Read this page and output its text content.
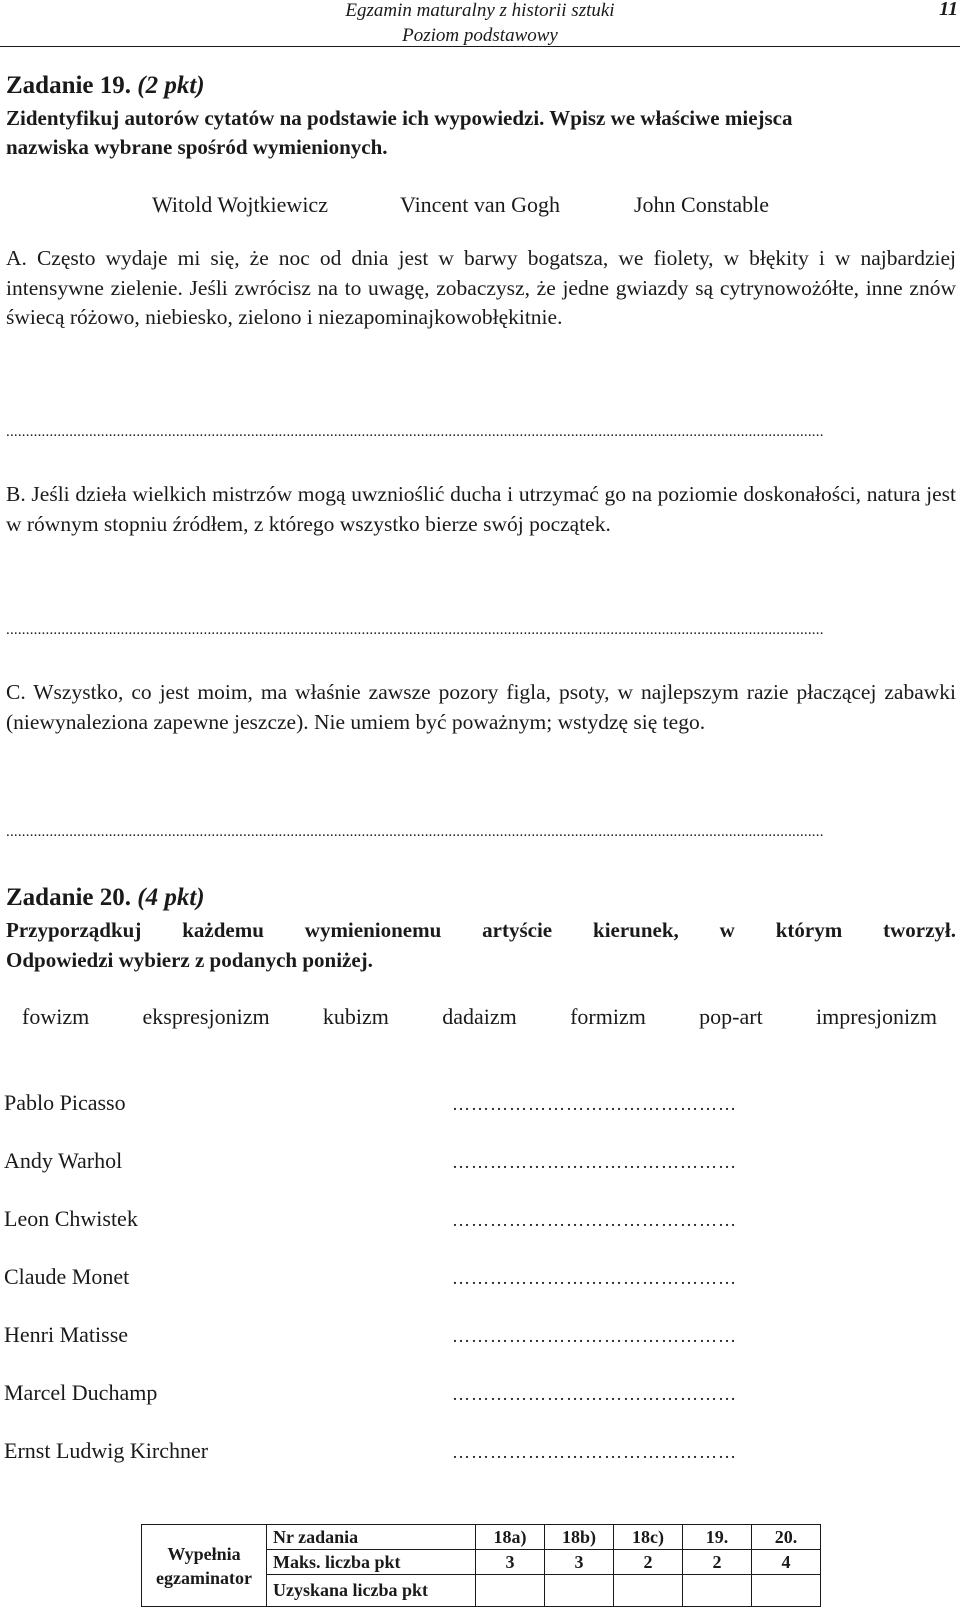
Egzamin maturalny z historii sztuki
Poziom podstawowy
11
Zadanie 19. (2 pkt)
Zidentyfikuj autorów cytatów na podstawie ich wypowiedzi. Wpisz we właściwe miejsca
nazwiska wybrane spośród wymienionych.
Witold Wojtkiewicz	Vincent van Gogh	John Constable
A. Często wydaje mi się, że noc od dnia jest w barwy bogatsza, we fiolety, w błękity i w najbardziej intensywne zielenie. Jeśli zwrócisz na to uwagę, zobaczysz, że jedne gwiazdy są cytrynowożółte, inne znów świecą różowo, niebiesko, zielono i niezapominajkowobłękitnie.
...............................................................................................................................................................................................................
B. Jeśli dzieła wielkich mistrzów mogą uwznioślić ducha i utrzymać go na poziomie doskonałości, natura jest w równym stopniu źródłem, z którego wszystko bierze swój początek.
...............................................................................................................................................................................................................
C. Wszystko, co jest moim, ma właśnie zawsze pozory figla, psoty, w najlepszym razie płaczącej zabawki (niewynaleziona zapewne jeszcze). Nie umiem być poważnym; wstydzę się tego.
...............................................................................................................................................................................................................
Zadanie 20. (4 pkt)
Przyporządkuj każdemu wymienionemu artyście kierunek, w którym tworzył.
Odpowiedzi wybierz z podanych poniżej.
fowizm ekspresjonizm kubizm dadaizm formizm pop-art impresjonizm
Pablo Picasso	………………………………………
Andy Warhol	………………………………………
Leon Chwistek	………………………………………
Claude Monet	………………………………………
Henri Matisse	………………………………………
Marcel Duchamp	………………………………………
Ernst Ludwig Kirchner	………………………………………
Wypełnia egzaminator	Nr zadania	18a)	18b)	18c)	19.	20.
	Maks. liczba pkt	3	3	2	2	4
	Uzyskana liczba pkt					
